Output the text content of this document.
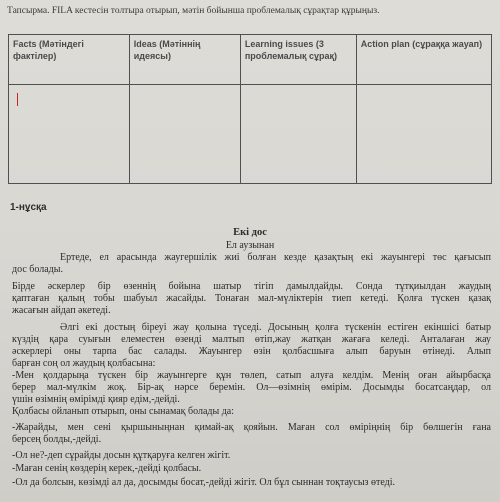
Тапсырма. FILA кестесін толтыра отырып, мәтін бойынша проблемалық сұрақтар құрыңыз.
Facts (Мәтіндегі фактілер)	Ideas (Мәтіннің идеясы)	Learning issues (3 проблемалық сұрақ)	Action plan (сұраққа жауап)

1-нұсқа
Екі дос
Ел аузынан
Ертеде, ел арасында жаугершілік жиі болған кезде қазақтың екі жауынгері төс қағысып
дос болады.
Бірде әскерлер бір өзеннің бойына шатыр тігіп дамылдайды. Сонда тұтқиылдан жаудың
қаптаған қалың тобы шабуыл жасайды. Тонаған мал-мүліктерін тиеп кетеді. Қолға түскен қазақ
жасағын айдап әкетеді.
Әлгі екі достың біреуі жау қолына түседі. Досының қолға түскенін естіген екіншісі батыр
күздің қара суығын елеместен өзенді малтып өтіп,жау жатқан жағаға келеді. Анталаған жау
әскерлері оны тарпа бас салады. Жауынгер өзін қолбасшыға алып баруын өтінеді. Алып
барған соң ол жаудың қолбасына:
-Мен қолдарыңа түскен бір жауынгерге құн төлеп, сатып алуға келдім. Менің оған айырбасқа
берер мал-мүлкім жоқ. Бір-ақ нәрсе беремін. Ол—өзімнің өмірім. Досымды босатсаңдар, ол
үшін өзімнің өмірімді қияр едім,-дейді.
Қолбасы ойланып отырып, оны сынамақ болады да:
-Жарайды, мен сені қыршыныңнан қимай-ақ қояйын. Маған сол өміріңнің бір бөлшегін ғана
берсең болды,-дейді.
-Ол не?-деп сұрайды досын құтқаруға келген жігіт.
-Маған сенің көздерің керек,-дейді қолбасы.
-Ол да болсын, көзімді ал да, досымды босат,-дейді жігіт. Ол бұл сыннан тоқтаусыз өтеді.
